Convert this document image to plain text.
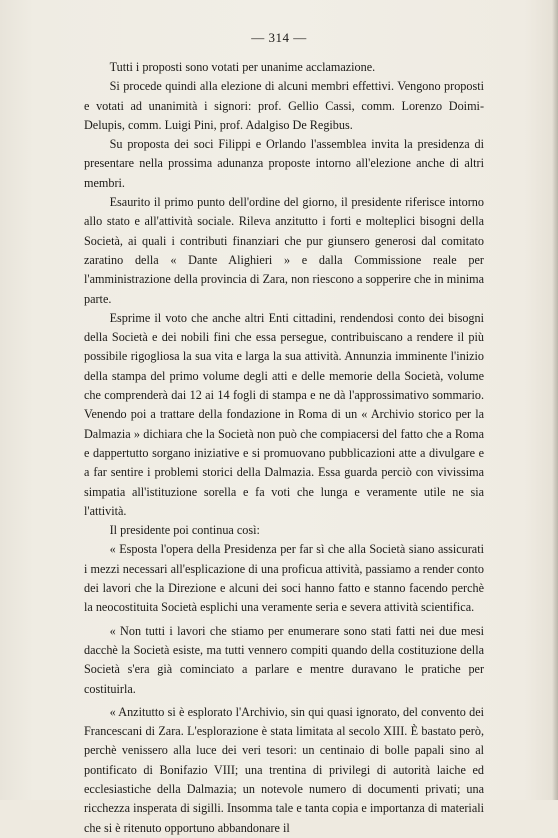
— 314 —

Tutti i proposti sono votati per unanime acclamazione.

Si procede quindi alla elezione di alcuni membri effettivi. Vengono proposti e votati ad unanimità i signori: prof. Gellio Cassi, comm. Lorenzo Doimi-Delupis, comm. Luigi Pini, prof. Adalgiso De Regibus.

Su proposta dei soci Filippi e Orlando l'assemblea invita la presidenza di presentare nella prossima adunanza proposte intorno all'elezione anche di altri membri.

Esaurito il primo punto dell'ordine del giorno, il presidente riferisce intorno allo stato e all'attività sociale. Rileva anzitutto i forti e molteplici bisogni della Società, ai quali i contributi finanziari che pur giunsero generosi dal comitato zaratino della « Dante Alighieri » e dalla Commissione reale per l'amministrazione della provincia di Zara, non riescono a sopperire che in minima parte.

Esprime il voto che anche altri Enti cittadini, rendendosi conto dei bisogni della Società e dei nobili fini che essa persegue, contribuiscano a rendere il più possibile rigogliosa la sua vita e larga la sua attività. Annunzia imminente l'inizio della stampa del primo volume degli atti e delle memorie della Società, volume che comprenderà dai 12 ai 14 fogli di stampa e ne dà l'approssimativo sommario. Venendo poi a trattare della fondazione in Roma di un « Archivio storico per la Dalmazia » dichiara che la Società non può che compiacersi del fatto che a Roma e dappertutto sorgano iniziative e si promuovano pubblicazioni atte a divulgare e a far sentire i problemi storici della Dalmazia. Essa guarda perciò con vivissima simpatia all'istituzione sorella e fa voti che lunga e veramente utile ne sia l'attività.

Il presidente poi continua così:

« Esposta l'opera della Presidenza per far sì che alla Società siano assicurati i mezzi necessari all'esplicazione di una proficua attività, passiamo a render conto dei lavori che la Direzione e alcuni dei soci hanno fatto e stanno facendo perchè la neocostituita Società esplichi una veramente seria e severa attività scientifica.

« Non tutti i lavori che stiamo per enumerare sono stati fatti nei due mesi dacchè la Società esiste, ma tutti vennero compiti quando della costituzione della Società s'era già cominciato a parlare e mentre duravano le pratiche per costituirla.

« Anzitutto si è esplorato l'Archivio, sin qui quasi ignorato, del convento dei Francescani di Zara. L'esplorazione è stata limitata al secolo XIII. È bastato però, perchè venissero alla luce dei veri tesori: un centinaio di bolle papali sino al pontificato di Bonifazio VIII; una trentina di privilegi di autorità laiche ed ecclesiastiche della Dalmazia; un notevole numero di documenti privati; una ricchezza insperata di sigilli. Insomma tale e tanta copia e importanza di materiali che si è ritenuto opportuno abbandonare il
